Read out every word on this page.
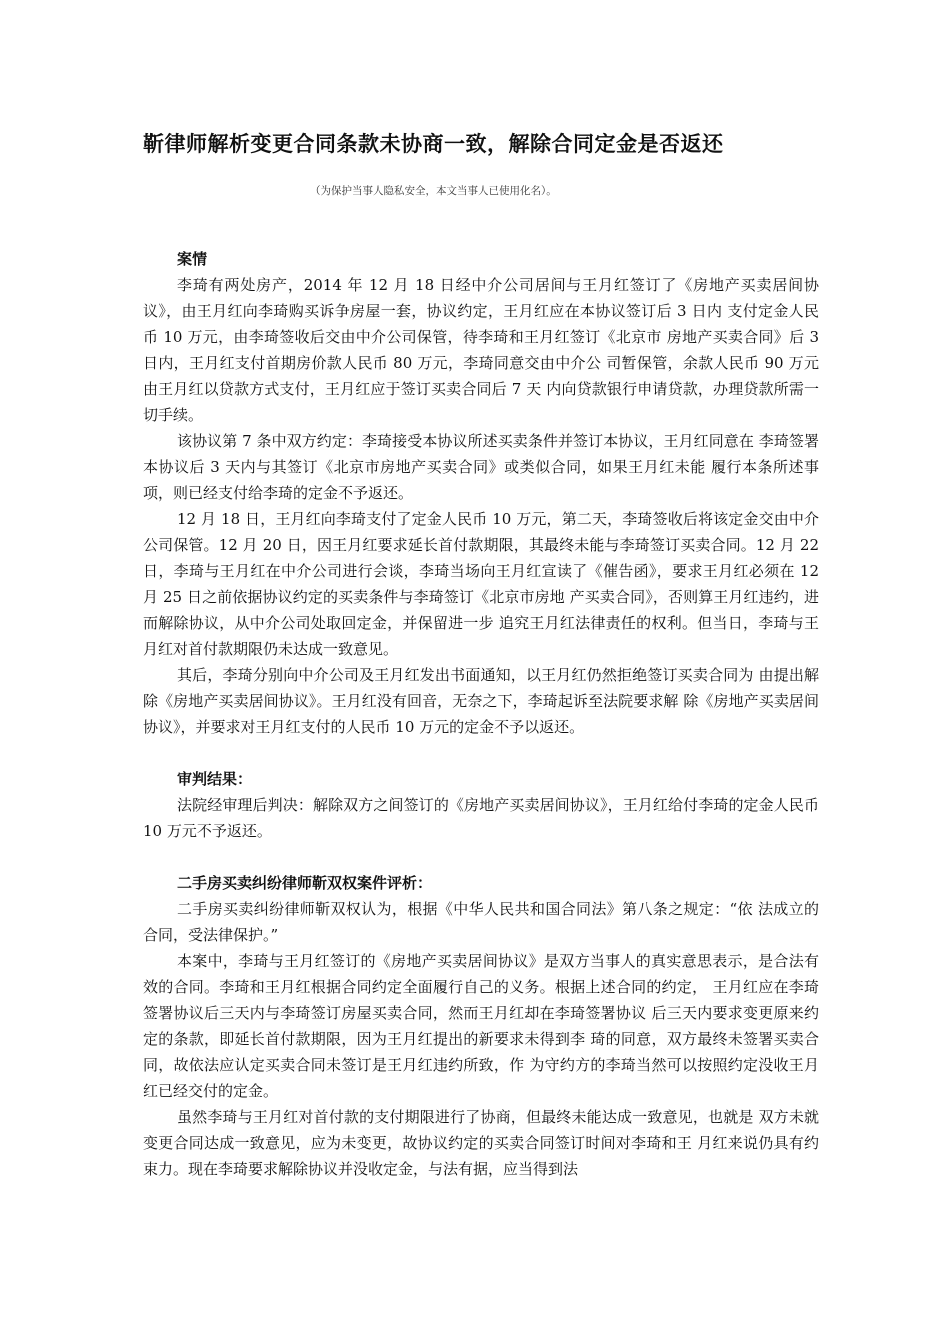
靳律师解析变更合同条款未协商一致，解除合同定金是否返还
（为保护当事人隐私安全，本文当事人已使用化名）。
案情

李琦有两处房产，2014 年 12 月 18 日经中介公司居间与王月红签订了《房地产买卖居间协议》，由王月红向李琦购买诉争房屋一套，协议约定，王月红应在本协议签订后 3 日内 支付定金人民币 10 万元，由李琦签收后交由中介公司保管，待李琦和王月红签订《北京市 房地产买卖合同》后 3 日内，王月红支付首期房价款人民币 80 万元，李琦同意交由中介公 司暂保管，余款人民币 90 万元由王月红以贷款方式支付，王月红应于签订买卖合同后 7 天 内向贷款银行申请贷款，办理贷款所需一切手续。

该协议第 7 条中双方约定：李琦接受本协议所述买卖条件并签订本协议，王月红同意在 李琦签署本协议后 3 天内与其签订《北京市房地产买卖合同》或类似合同，如果王月红未能 履行本条所述事项，则已经支付给李琦的定金不予返还。

12 月 18 日，王月红向李琦支付了定金人民币 10 万元，第二天，李琦签收后将该定金交由中介公司保管。12 月 20 日，因王月红要求延长首付款期限，其最终未能与李琦签订买卖合同。12 月 22 日，李琦与王月红在中介公司进行会谈，李琦当场向王月红宣读了《催告函》，要求王月红必须在 12 月 25 日之前依据协议约定的买卖条件与李琦签订《北京市房地 产买卖合同》，否则算王月红违约，进而解除协议，从中介公司处取回定金，并保留进一步 追究王月红法律责任的权利。但当日，李琦与王月红对首付款期限仍未达成一致意见。

其后，李琦分别向中介公司及王月红发出书面通知，以王月红仍然拒绝签订买卖合同为 由提出解除《房地产买卖居间协议》。王月红没有回音，无奈之下，李琦起诉至法院要求解 除《房地产买卖居间协议》，并要求对王月红支付的人民币 10 万元的定金不予以返还。

审判结果：

法院经审理后判决：解除双方之间签订的《房地产买卖居间协议》，王月红给付李琦的定金人民币 10 万元不予返还。

二手房买卖纠纷律师靳双权案件评析：

二手房买卖纠纷律师靳双权认为，根据《中华人民共和国合同法》第八条之规定：“依 法成立的合同，受法律保护。”

本案中，李琦与王月红签订的《房地产买卖居间协议》是双方当事人的真实意思表示，是合法有效的合同。李琦和王月红根据合同约定全面履行自己的义务。根据上述合同的约定， 王月红应在李琦签署协议后三天内与李琦签订房屋买卖合同，然而王月红却在李琦签署协议 后三天内要求变更原来约定的条款，即延长首付款期限，因为王月红提出的新要求未得到李 琦的同意，双方最终未签署买卖合同，故依法应认定买卖合同未签订是王月红违约所致，作 为守约方的李琦当然可以按照约定没收王月红已经交付的定金。

虽然李琦与王月红对首付款的支付期限进行了协商，但最终未能达成一致意见，也就是 双方未就变更合同达成一致意见，应为未变更，故协议约定的买卖合同签订时间对李琦和王 月红来说仍具有约束力。现在李琦要求解除协议并没收定金，与法有据，应当得到法
